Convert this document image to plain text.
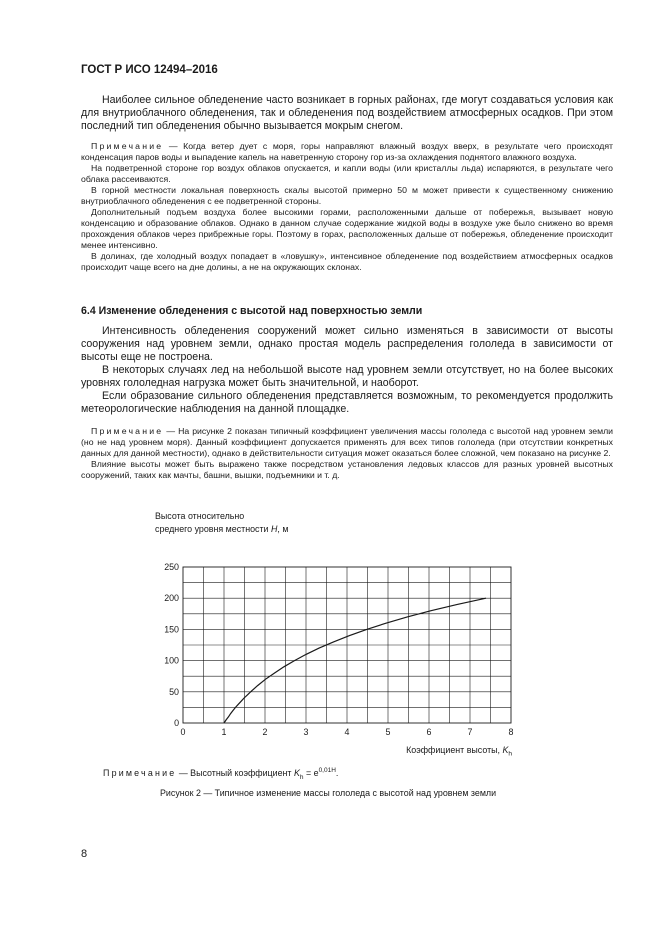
ГОСТ Р ИСО 12494–2016

Наиболее сильное обледенение часто возникает в горных районах, где могут создаваться условия как для внутриоблачного обледенения, так и обледенения под воздействием атмосферных осадков. При этом последний тип обледенения обычно вызывается мокрым снегом.

Примечание — Когда ветер дует с моря, горы направляют влажный воздух вверх, в результате чего происходят конденсация паров воды и выпадение капель на наветренную сторону гор из-за охлаждения поднятого влажного воздуха.

На подветренной стороне гор воздух облаков опускается, и капли воды (или кристаллы льда) испаряются, в результате чего облака рассеиваются.

В горной местности локальная поверхность скалы высотой примерно 50 м может привести к существенному снижению внутриоблачного обледенения с ее подветренной стороны.

Дополнительный подъем воздуха более высокими горами, расположенными дальше от побережья, вызывает новую конденсацию и образование облаков. Однако в данном случае содержание жидкой воды в воздухе уже было снижено во время прохождения облаков через прибрежные горы. Поэтому в горах, расположенных дальше от побережья, обледенение происходит менее интенсивно.

В долинах, где холодный воздух попадает в «ловушку», интенсивное обледенение под воздействием атмосферных осадков происходит чаще всего на дне долины, а не на окружающих склонах.

6.4 Изменение обледенения с высотой над поверхностью земли

Интенсивность обледенения сооружений может сильно изменяться в зависимости от высоты сооружения над уровнем земли, однако простая модель распределения гололеда в зависимости от высоты еще не построена.

В некоторых случаях лед на небольшой высоте над уровнем земли отсутствует, но на более высоких уровнях гололедная нагрузка может быть значительной, и наоборот.

Если образование сильного обледенения представляется возможным, то рекомендуется продолжить метеорологические наблюдения на данной площадке.

Примечание — На рисунке 2 показан типичный коэффициент увеличения массы гололеда с высотой над уровнем земли (но не над уровнем моря). Данный коэффициент допускается применять для всех типов гололеда (при отсутствии конкретных данных для данной местности), однако в действительности ситуация может оказаться более сложной, чем показано на рисунке 2.

Влияние высоты может быть выражено также посредством установления ледовых классов для разных уровней высотных сооружений, таких как мачты, башни, вышки, подъемники и т. д.

Высота относительно
среднего уровня местности H, м
0
50
100
150
200
250
0	1	2	3	4	5	6	7	8
Коэффициент высоты, $K_h$
Примечание — Высотный коэффициент $K_h = e^{0,01H}$.
Рисунок 2 — Типичное изменение массы гололеда с высотой над уровнем земли
8
